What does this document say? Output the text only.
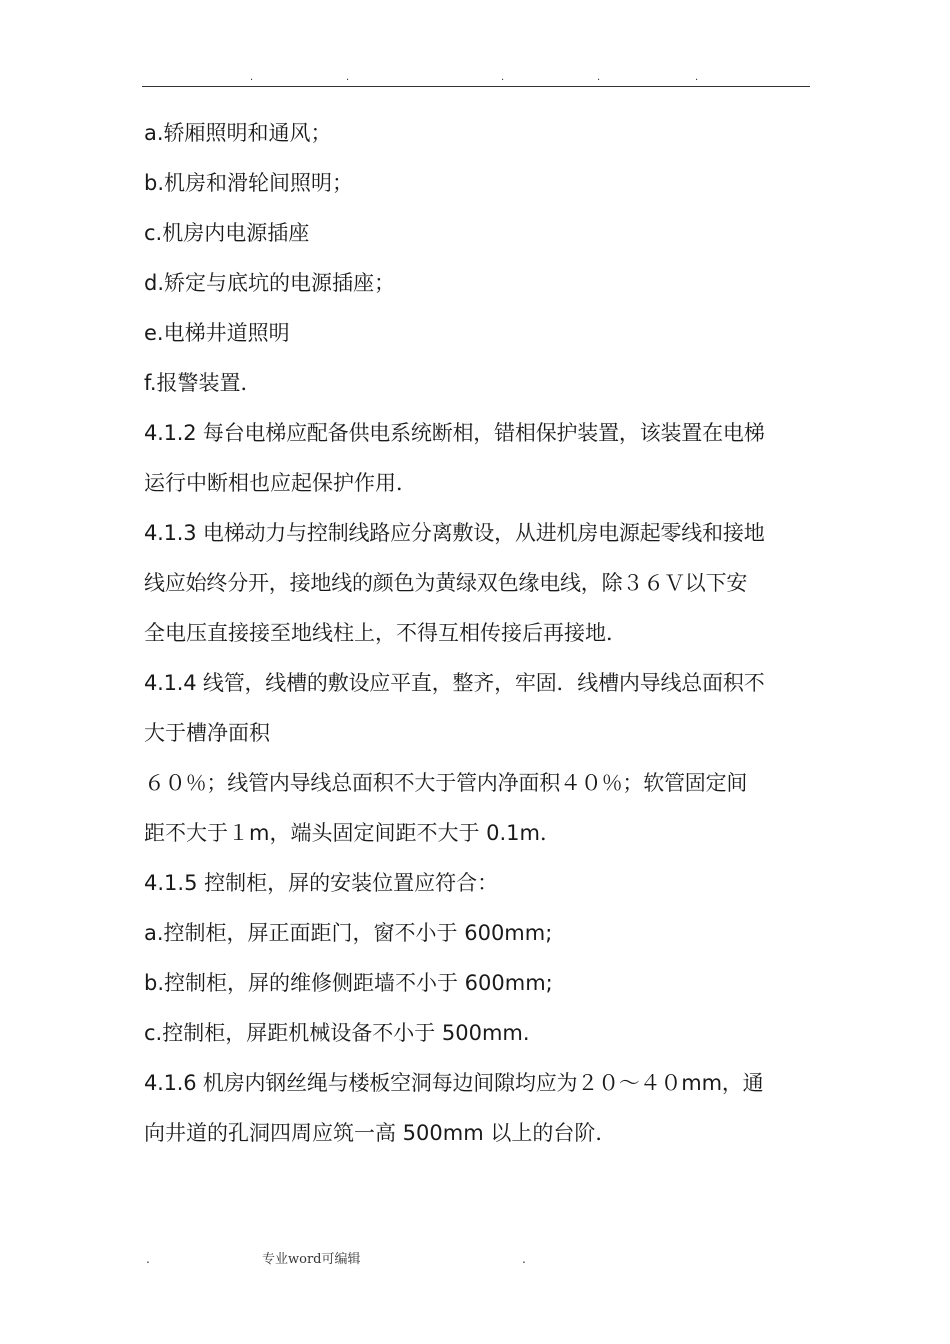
.	.	.	.	.
a.轿厢照明和通风；
b.机房和滑轮间照明；
c.机房内电源插座
d.矫定与底坑的电源插座；
e.电梯井道照明
f.报警装置．
4.1.2 每台电梯应配备供电系统断相，错相保护装置，该装置在电梯
运行中断相也应起保护作用．
4.1.3 电梯动力与控制线路应分离敷设，从进机房电源起零线和接地
线应始终分开，接地线的颜色为黄绿双色缘电线，除３６Ｖ以下安
全电压直接接至地线柱上，不得互相传接后再接地．
4.1.4 线管，线槽的敷设应平直，整齐，牢固．线槽内导线总面积不
大于槽净面积
６０％；线管内导线总面积不大于管内净面积４０％；软管固定间
距不大于１m，端头固定间距不大于 0.1m．
4.1.5 控制柜，屏的安装位置应符合：
a.控制柜，屏正面距门，窗不小于 600mm;
b.控制柜，屏的维修侧距墙不小于 600mm;
c.控制柜，屏距机械设备不小于 500mm.
4.1.6 机房内钢丝绳与楼板空洞每边间隙均应为２０～４０mm，通
向井道的孔洞四周应筑一高 500mm 以上的台阶．
.	专业word可编辑	.
